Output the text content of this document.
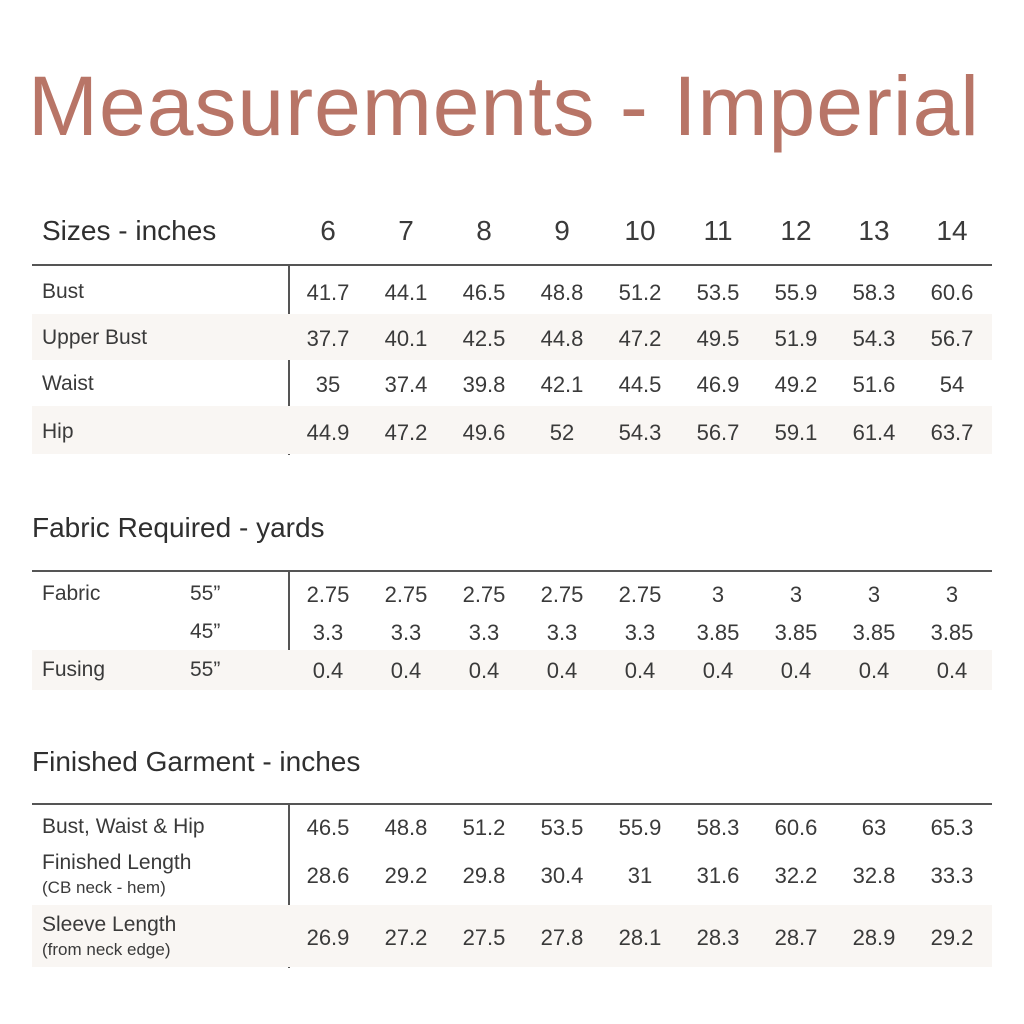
Measurements - Imperial
Sizes - inches	6	7	8	9	10	11	12	13	14
Bust	41.7	44.1	46.5	48.8	51.2	53.5	55.9	58.3	60.6
Upper Bust	37.7	40.1	42.5	44.8	47.2	49.5	51.9	54.3	56.7
Waist	35	37.4	39.8	42.1	44.5	46.9	49.2	51.6	54
Hip	44.9	47.2	49.6	52	54.3	56.7	59.1	61.4	63.7
Fabric Required - yards
Fabric	55”	2.75	2.75	2.75	2.75	2.75	3	3	3	3
45”	3.3	3.3	3.3	3.3	3.3	3.85	3.85	3.85	3.85
Fusing	55”	0.4	0.4	0.4	0.4	0.4	0.4	0.4	0.4	0.4
Finished Garment - inches
Bust, Waist & Hip	46.5	48.8	51.2	53.5	55.9	58.3	60.6	63	65.3
Finished Length
(CB neck - hem)	28.6	29.2	29.8	30.4	31	31.6	32.2	32.8	33.3
Sleeve Length
(from neck edge)	26.9	27.2	27.5	27.8	28.1	28.3	28.7	28.9	29.2
